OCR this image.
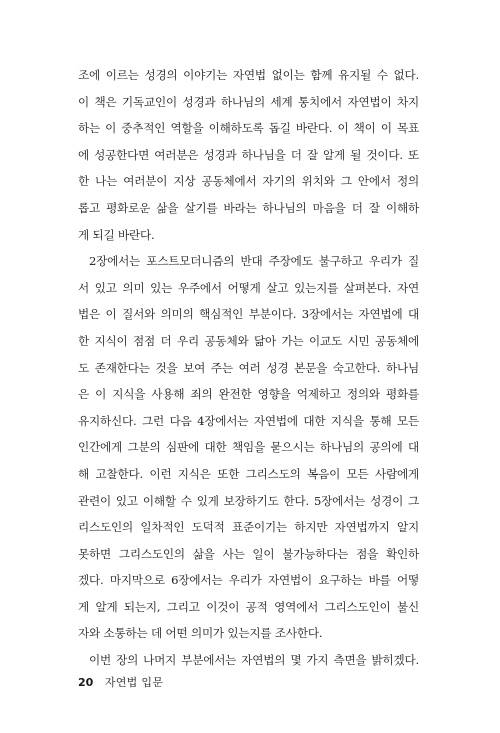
조에 이르는 성경의 이야기는 자연법 없이는 함께 유지될 수 없다.
이 책은 기독교인이 성경과 하나님의 세계 통치에서 자연법이 차지
하는 이 중추적인 역할을 이해하도록 돕길 바란다. 이 책이 이 목표
에 성공한다면 여러분은 성경과 하나님을 더 잘 알게 될 것이다. 또
한 나는 여러분이 지상 공동체에서 자기의 위치와 그 안에서 정의
롭고 평화로운 삶을 살기를 바라는 하나님의 마음을 더 잘 이해하
게 되길 바란다.
2장에서는 포스트모더니즘의 반대 주장에도 불구하고 우리가 질
서 있고 의미 있는 우주에서 어떻게 살고 있는지를 살펴본다. 자연
법은 이 질서와 의미의 핵심적인 부분이다. 3장에서는 자연법에 대
한 지식이 점점 더 우리 공동체와 닮아 가는 이교도 시민 공동체에
도 존재한다는 것을 보여 주는 여러 성경 본문을 숙고한다. 하나님
은 이 지식을 사용해 죄의 완전한 영향을 억제하고 정의와 평화를
유지하신다. 그런 다음 4장에서는 자연법에 대한 지식을 통해 모든
인간에게 그분의 심판에 대한 책임을 묻으시는 하나님의 공의에 대
해 고찰한다. 이런 지식은 또한 그리스도의 복음이 모든 사람에게
관련이 있고 이해할 수 있게 보장하기도 한다. 5장에서는 성경이 그
리스도인의 일차적인 도덕적 표준이기는 하지만 자연법까지 알지
못하면 그리스도인의 삶을 사는 일이 불가능하다는 점을 확인하
겠다. 마지막으로 6장에서는 우리가 자연법이 요구하는 바를 어떻
게 알게 되는지, 그리고 이것이 공적 영역에서 그리스도인이 불신
자와 소통하는 데 어떤 의미가 있는지를 조사한다.
이번 장의 나머지 부분에서는 자연법의 몇 가지 측면을 밝히겠다.
20 자연법 입문
